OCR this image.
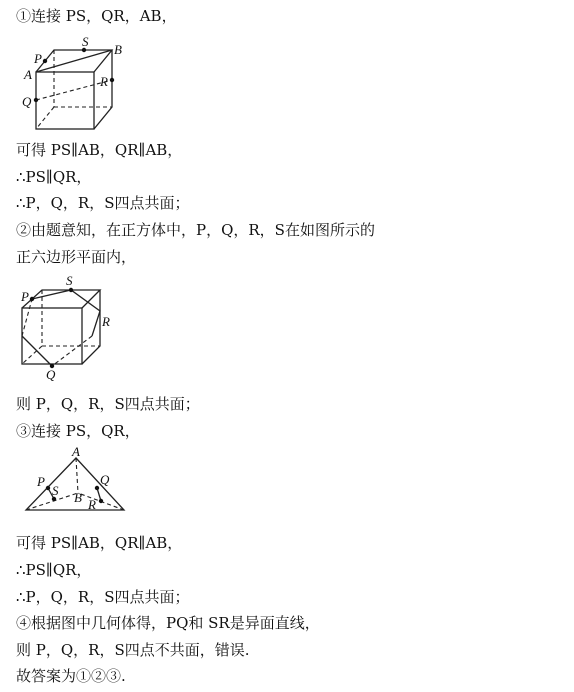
①连接 PS，QR，AB，
可得 PS∥AB，QR∥AB，
∴PS∥QR，
∴P，Q，R，S四点共面；
②由题意知，在正方体中，P，Q，R，S在如图所示的
正六边形平面内，
则 P，Q，R，S四点共面；
③连接 PS，QR，
可得 PS∥AB，QR∥AB，
∴PS∥QR，
∴P，Q，R，S四点共面；
④根据图中几何体得，PQ和 SR是异面直线，
则 P，Q，R，S四点不共面，错误.
故答案为①②③.
P
S
B
A	R
Q
P
S
R
Q
A
P	Q
S B R
